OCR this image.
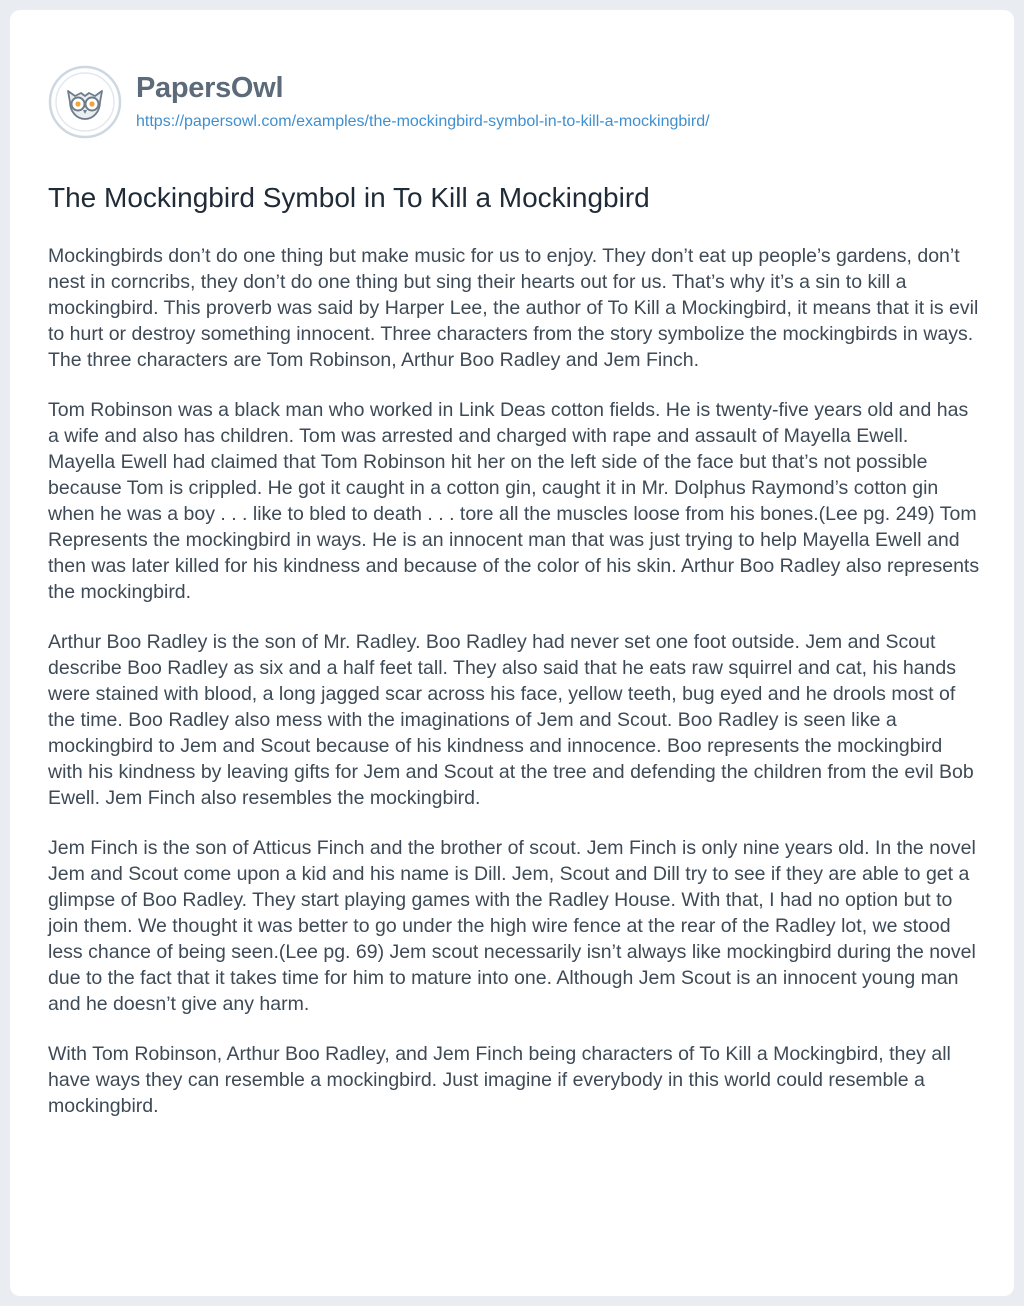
PapersOwl
https://papersowl.com/examples/the-mockingbird-symbol-in-to-kill-a-mockingbird/
The Mockingbird Symbol in To Kill a Mockingbird

Mockingbirds don’t do one thing but make music for us to enjoy. They don’t eat up people’s gardens, don’t nest in corncribs, they don’t do one thing but sing their hearts out for us. That’s why it’s a sin to kill a mockingbird. This proverb was said by Harper Lee, the author of To Kill a Mockingbird, it means that it is evil to hurt or destroy something innocent. Three characters from the story symbolize the mockingbirds in ways. The three characters are Tom Robinson, Arthur Boo Radley and Jem Finch.

Tom Robinson was a black man who worked in Link Deas cotton fields. He is twenty-five years old and has a wife and also has children. Tom was arrested and charged with rape and assault of Mayella Ewell. Mayella Ewell had claimed that Tom Robinson hit her on the left side of the face but that’s not possible because Tom is crippled. He got it caught in a cotton gin, caught it in Mr. Dolphus Raymond’s cotton gin when he was a boy . . . like to bled to death . . . tore all the muscles loose from his bones.(Lee pg. 249) Tom Represents the mockingbird in ways. He is an innocent man that was just trying to help Mayella Ewell and then was later killed for his kindness and because of the color of his skin. Arthur Boo Radley also represents the mockingbird.

Arthur Boo Radley is the son of Mr. Radley. Boo Radley had never set one foot outside. Jem and Scout describe Boo Radley as six and a half feet tall. They also said that he eats raw squirrel and cat, his hands were stained with blood, a long jagged scar across his face, yellow teeth, bug eyed and he drools most of the time. Boo Radley also mess with the imaginations of Jem and Scout. Boo Radley is seen like a mockingbird to Jem and Scout because of his kindness and innocence. Boo represents the mockingbird with his kindness by leaving gifts for Jem and Scout at the tree and defending the children from the evil Bob Ewell. Jem Finch also resembles the mockingbird.

Jem Finch is the son of Atticus Finch and the brother of scout. Jem Finch is only nine years old. In the novel Jem and Scout come upon a kid and his name is Dill. Jem, Scout and Dill try to see if they are able to get a glimpse of Boo Radley. They start playing games with the Radley House. With that, I had no option but to join them. We thought it was better to go under the high wire fence at the rear of the Radley lot, we stood less chance of being seen.(Lee pg. 69) Jem scout necessarily isn’t always like mockingbird during the novel due to the fact that it takes time for him to mature into one. Although Jem Scout is an innocent young man and he doesn’t give any harm.

With Tom Robinson, Arthur Boo Radley, and Jem Finch being characters of To Kill a Mockingbird, they all have ways they can resemble a mockingbird. Just imagine if everybody in this world could resemble a mockingbird.
